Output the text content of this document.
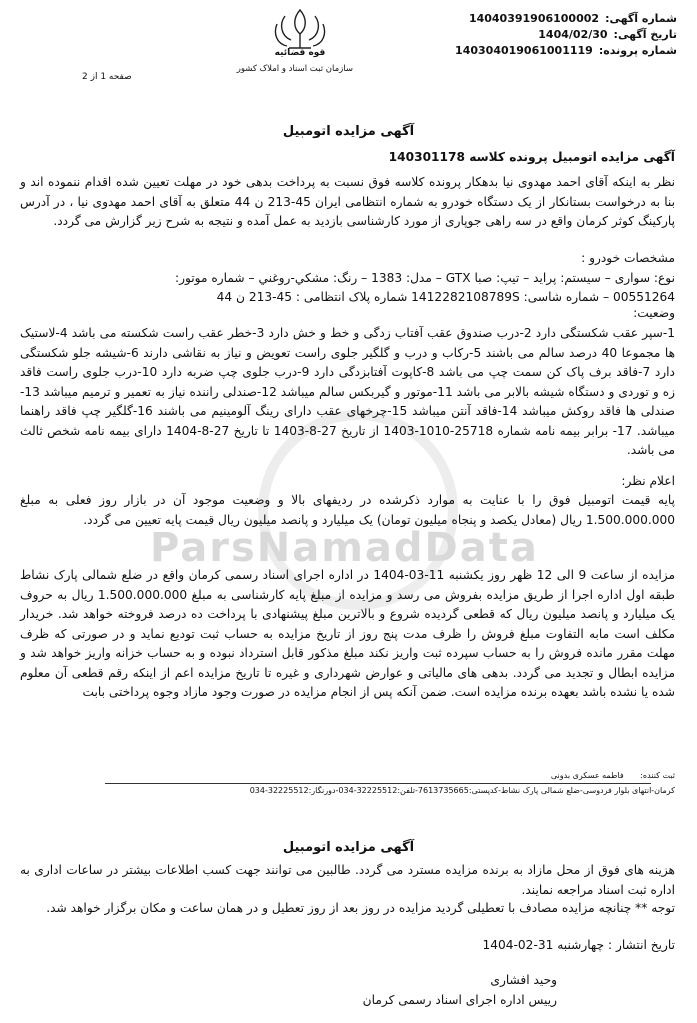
شماره آگهی:
14040391906100002
تاریخ آگهی:
1404/02/30
شماره پرونده:
140304019061001119
قوه قضائیه
سازمان ثبت اسناد و املاک کشور
صفحه 1 از 2
ParsNamadData
آگهی مزایده اتومبیل
آگهی مزایده اتومبیل پرونده کلاسه 140301178
نظر به اینکه آقای احمد مهدوی نیا بدهکار پرونده کلاسه فوق نسبت به پرداخت بدهی خود در مهلت تعیین شده اقدام ننموده اند و بنا به درخواست بستانکار از یک دستگاه خودرو به شماره انتظامی ایران 45-213 ن 44 متعلق به آقای احمد مهدوی نیا ، در آدرس پارکینگ کوثر کرمان واقع در سه راهی جوپاری از مورد کارشناسی بازدید به عمل آمده و نتیجه به شرح زیر گزارش می گردد.
مشخصات خودرو :
نوع: سواری – سیستم: پراید – تیپ: صبا GTX – مدل: 1383 – رنگ: مشکي-روغني – شماره موتور:
00551264 – شماره شاسی: 1412282108789S شماره پلاک انتظامی : 45-213 ن 44
وضعیت:
1-سپر عقب شکستگی دارد 2-درب صندوق عقب آفتاب زدگی و خط و خش دارد 3-خطر عقب راست شکسته می باشد 4-لاستیک ها مجموعا 40 درصد سالم می باشند 5-رکاب و درب و گلگیر جلوی راست تعویض و نیاز به نقاشی دارند 6-شیشه جلو شکستگی دارد 7-فاقد برف پاک کن سمت چپ می باشد 8-کاپوت آفتابزدگی دارد 9-درب جلوی چپ ضربه دارد 10-درب جلوی راست فاقد زه و توردی و دستگاه شیشه بالابر می باشد 11-موتور و گیربکس سالم میباشد 12-صندلی راننده نیاز به تعمیر و ترمیم میباشد 13-صندلی ها فاقد روکش میباشد 14-فاقد آنتن میباشد 15-چرخهای عقب دارای رینگ آلومینیم می باشند 16-گلگیر چپ فاقد راهنما میباشد. 17- برابر بیمه نامه شماره 25718-1010-1403 از تاریخ 27-8-1403 تا تاریخ 27-8-1404 دارای بیمه نامه شخص ثالث می باشد.
اعلام نظر:
پایه قیمت اتومبیل فوق را با عنایت به موارد ذکرشده در ردیفهای بالا و وضعیت موجود آن در بازار روز فعلی به مبلغ 1.500.000.000 ریال (معادل یکصد و پنجاه میلیون تومان) یک میلیارد و پانصد میلیون ریال قیمت پایه تعیین می گردد.
مزایده از ساعت 9 الی 12 ظهر روز یکشنبه 11-03-1404 در اداره اجرای اسناد رسمی کرمان واقع در ضلع شمالی پارک نشاط طبقه اول اداره اجرا از طریق مزایده بفروش می رسد و مزایده از مبلغ پایه کارشناسی به مبلغ 1.500.000.000 ریال به حروف یک میلیارد و پانصد میلیون ریال که قطعی گردیده شروع و بالاترین مبلغ پیشنهادی با پرداخت ده درصد فروخته خواهد شد. خریدار مکلف است مابه التفاوت مبلغ فروش را ظرف مدت پنج روز از تاریخ مزایده به حساب ثبت تودیع نماید و در صورتی که ظرف مهلت مقرر مانده فروش را به حساب سپرده ثبت واریز نکند مبلغ مذکور قابل استرداد نبوده و به حساب خزانه واریز خواهد شد و مزایده ابطال و تجدید می گردد. بدهی های مالیاتی و عوارض شهرداری و غیره تا تاریخ مزایده اعم از اینکه رقم قطعی آن معلوم شده یا نشده باشد بعهده برنده مزایده است. ضمن آنکه پس از انجام مزایده در صورت وجود مازاد وجوه پرداختی بابت
ثبت کننده: فاطمه عسکری بدونی
کرمان-انتهای بلوار فردوسی-ضلع شمالی پارک نشاط-کدپستی:7613735665-تلفن:32225512-034-دورنگار:32225512-034
آگهی مزایده اتومبیل
هزینه های فوق از محل مازاد به برنده مزایده مسترد می گردد. طالبین می توانند جهت کسب اطلاعات بیشتر در ساعات اداری به اداره ثبت اسناد مراجعه نمایند.
توجه ** چنانچه مزایده مصادف با تعطیلی گردید مزایده در روز بعد از روز تعطیل و در همان ساعت و مکان برگزار خواهد شد.
تاریخ انتشار : چهارشنبه 31-02-1404
وحید افشاری
رییس اداره اجرای اسناد رسمی کرمان
